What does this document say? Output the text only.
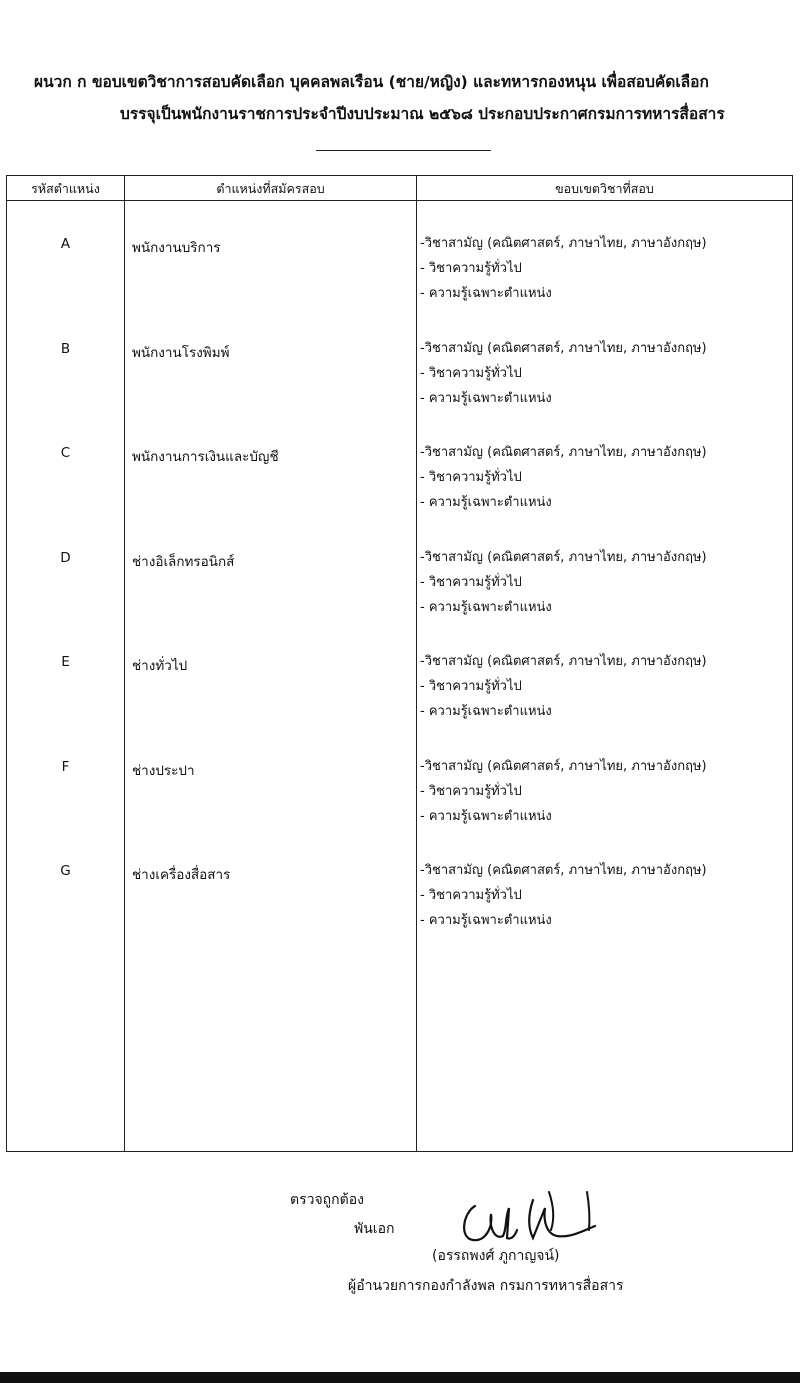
ผนวก ก ขอบเขตวิชาการสอบคัดเลือก บุคคลพลเรือน (ชาย/หญิง) และทหารกองหนุน เพื่อสอบคัดเลือก
บรรจุเป็นพนักงานราชการประจำปีงบประมาณ ๒๕๖๘ ประกอบประกาศกรมการทหารสื่อสาร
รหัสตำแหน่ง	ตำแหน่งที่สมัครสอบ	ขอบเขตวิชาที่สอบ
A	พนักงานบริการ	-วิชาสามัญ (คณิตศาสตร์, ภาษาไทย, ภาษาอังกฤษ)
- วิชาความรู้ทั่วไป
- ความรู้เฉพาะตำแหน่ง
B	พนักงานโรงพิมพ์	-วิชาสามัญ (คณิตศาสตร์, ภาษาไทย, ภาษาอังกฤษ)
- วิชาความรู้ทั่วไป
- ความรู้เฉพาะตำแหน่ง
C	พนักงานการเงินและบัญชี	-วิชาสามัญ (คณิตศาสตร์, ภาษาไทย, ภาษาอังกฤษ)
- วิชาความรู้ทั่วไป
- ความรู้เฉพาะตำแหน่ง
D	ช่างอิเล็กทรอนิกส์	-วิชาสามัญ (คณิตศาสตร์, ภาษาไทย, ภาษาอังกฤษ)
- วิชาความรู้ทั่วไป
- ความรู้เฉพาะตำแหน่ง
E	ช่างทั่วไป	-วิชาสามัญ (คณิตศาสตร์, ภาษาไทย, ภาษาอังกฤษ)
- วิชาความรู้ทั่วไป
- ความรู้เฉพาะตำแหน่ง
F	ช่างประปา	-วิชาสามัญ (คณิตศาสตร์, ภาษาไทย, ภาษาอังกฤษ)
- วิชาความรู้ทั่วไป
- ความรู้เฉพาะตำแหน่ง
G	ช่างเครื่องสื่อสาร	-วิชาสามัญ (คณิตศาสตร์, ภาษาไทย, ภาษาอังกฤษ)
- วิชาความรู้ทั่วไป
- ความรู้เฉพาะตำแหน่ง
ตรวจถูกต้อง
พันเอก
(อรรถพงศ์ ภูกาญจน์)
ผู้อำนวยการกองกำลังพล กรมการทหารสื่อสาร
